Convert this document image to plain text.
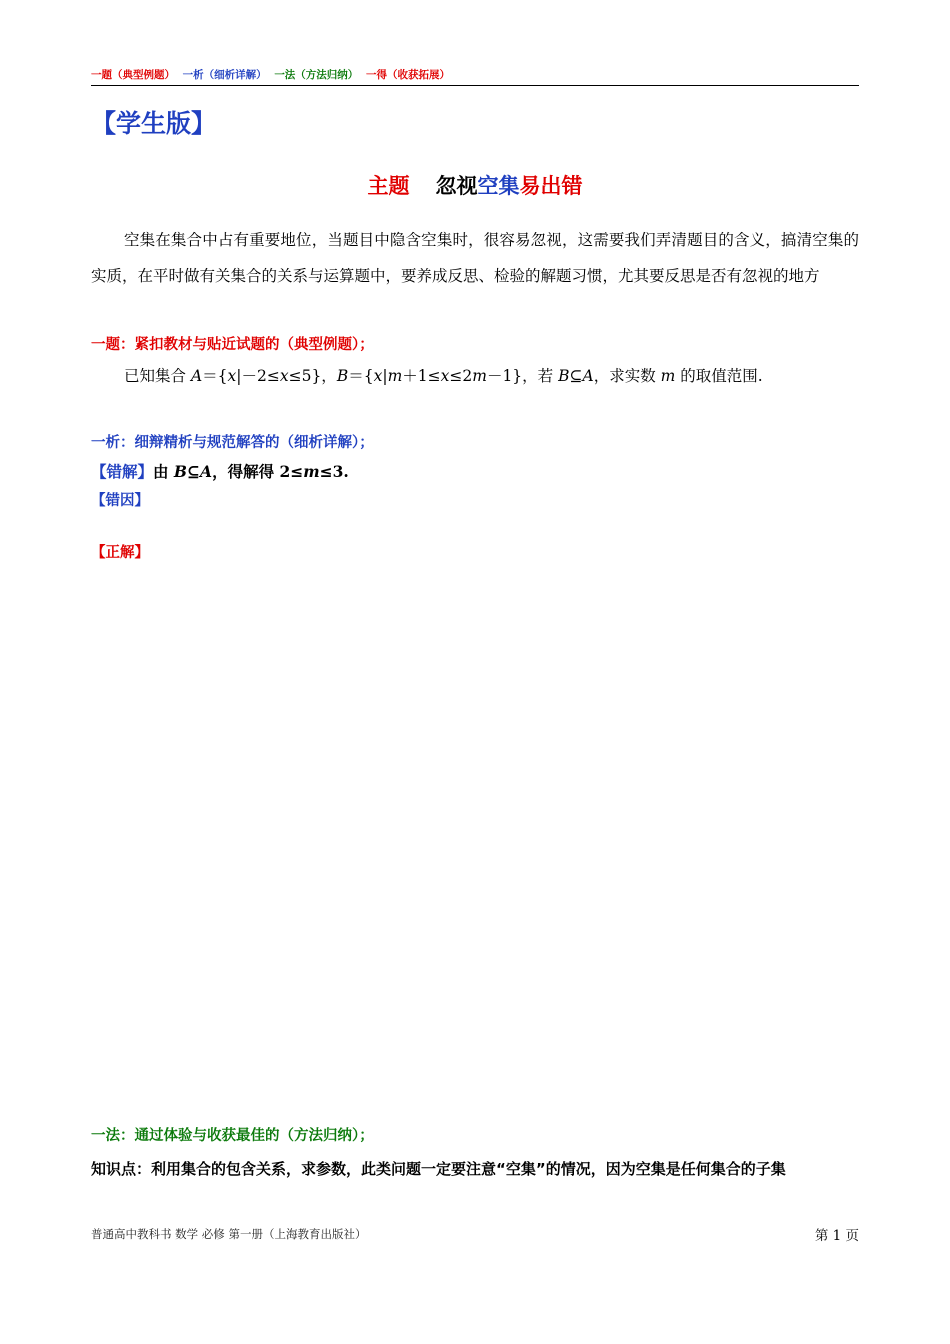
一题（典型例题） 一析（细析详解） 一法（方法归纳） 一得（收获拓展）
【学生版】
主题 忽视空集易出错
空集在集合中占有重要地位，当题目中隐含空集时，很容易忽视，这需要我们弄清题目的含义，搞清空集的实质，在平时做有关集合的关系与运算题中，要养成反思、检验的解题习惯，尤其要反思是否有忽视的地方
一题：紧扣教材与贴近试题的（典型例题）；
已知集合 A＝{x|－2≤x≤5}，B＝{x|m＋1≤x≤2m－1}，若 B⊆A，求实数 m 的取值范围.
一析：细辩精析与规范解答的（细析详解）；
【错解】由 B⊆A，得解得 2≤m≤3.
【错因】
【正解】
一法：通过体验与收获最佳的（方法归纳）；
知识点：利用集合的包含关系，求参数，此类问题一定要注意“空集”的情况，因为空集是任何集合的子集
普通高中教科书 数学 必修 第一册（上海教育出版社）	第 1 页
